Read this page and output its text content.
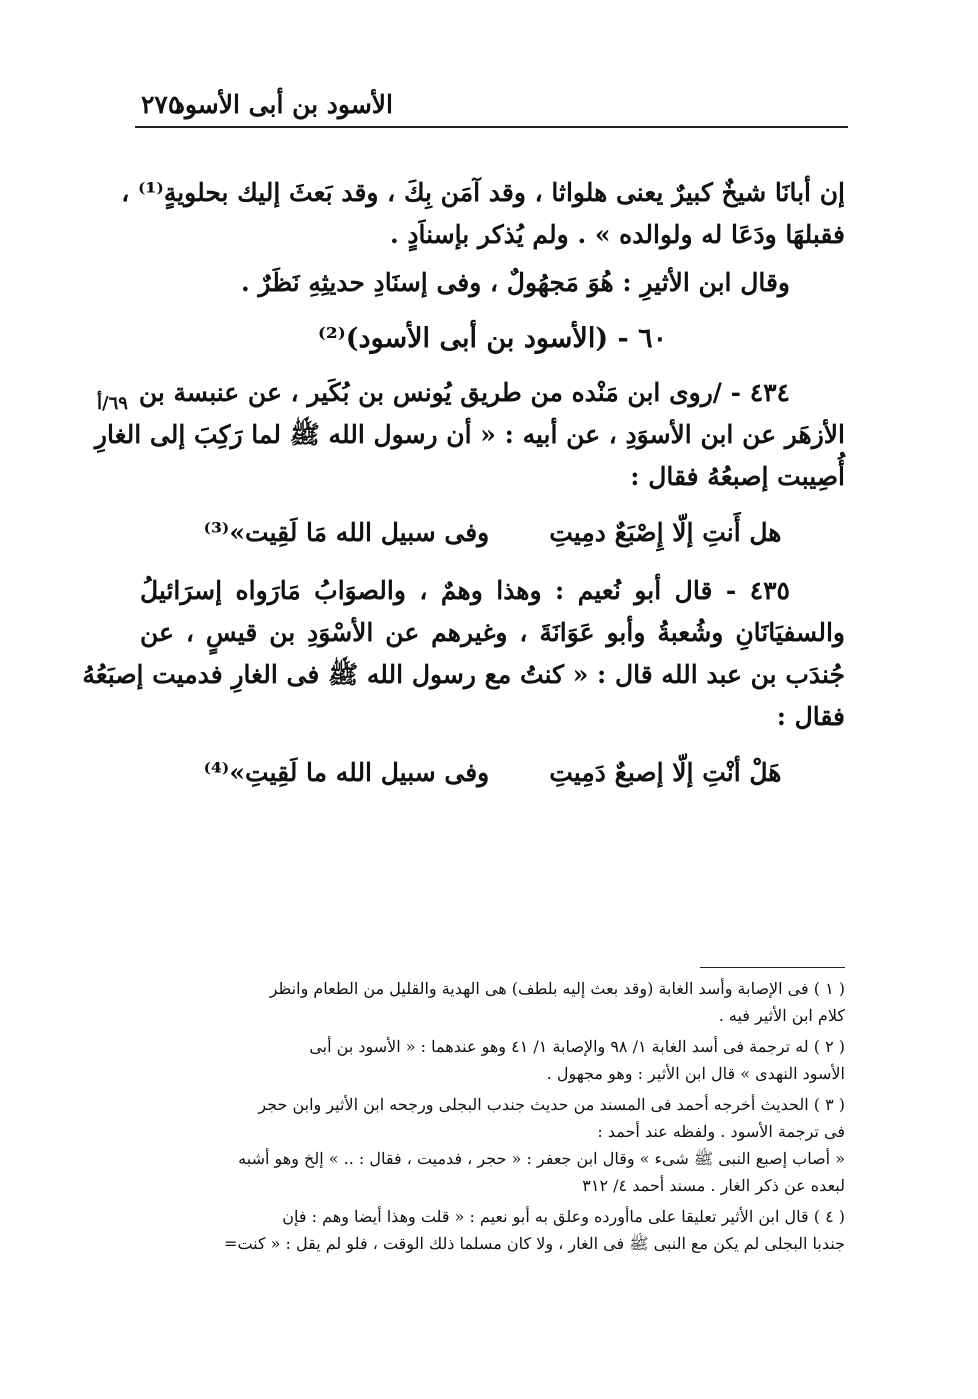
الأسود بن أبى الأسود
٢٧٥
٦٩/أ
إن أبانَا شيخٌ كبيرٌ يعنى هلواثا ، وقد آمَن بِكَ ، وقد بَعثَ إليك بحلويةٍ⁽¹⁾ ،
فقبلهَا ودَعَا له ولوالده » . ولم يُذكر بإسناَدٍ .
وقال ابن الأثيرِ : هُوَ مَجهُولٌ ، وفى إسنَادِ حديثِهِ نَظَرٌ .
٦٠ - (الأسود بن أبى الأسود)⁽²⁾
٤٣٤ - /روى ابن مَنْده من طريق يُونس بن بُكَير ، عن عنبسة بن
الأزهَر عن ابن الأسوَدِ ، عن أبيه : « أن رسول الله ﷺ لما رَكِبَ إلى الغارِ
أُصِيبت إصبعُهُ فقال :
هل أَنتِ إلّا إِصْبَعٌ دمِيتِ
وفى سبيل الله مَا لَقِيت»⁽³⁾
٤٣٥ - قال أبو نُعيم : وهذا وهمٌ ، والصوَابُ مَارَواه إسرَائيلُ
والسفيَانَانِ وشُعبةُ وأبو عَوَانَةَ ، وغيرهم عن الأسْوَدِ بن قيسٍ ، عن
جُندَب بن عبد الله قال : « كنتُ مع رسول الله ﷺ فى الغارِ فدميت إصبَعُهُ
فقال :
هَلْ أنْتِ إلّا إصبعٌ دَمِيتِ
وفى سبيل الله ما لَقِيتِ»⁽⁴⁾
( ١ ) فى الإصابة وأسد الغابة (وقد بعث إليه بلطف) هى الهدية والقليل من الطعام وانظر
كلام ابن الأثير فيه .
( ٢ ) له ترجمة فى أسد الغابة ١/ ٩٨ والإصابة ١/ ٤١ وهو عندهما : « الأسود بن أبى
الأسود النهدى » قال ابن الأثير : وهو مجهول .
( ٣ ) الحديث أخرجه أحمد فى المسند من حديث جندب البجلى ورجحه ابن الأثير وابن حجر
فى ترجمة الأسود . ولفظه عند أحمد :
« أصاب إصبع النبى ﷺ شىء » وقال ابن جعفر : « حجر ، فدميت ، فقال : .. » إلخ وهو أشبه
لبعده عن ذكر الغار . مسند أحمد ٤/ ٣١٢
( ٤ ) قال ابن الأثير تعليقا على ماأورده وعلق به أبو نعيم : « قلت وهذا أيضا وهم : فإن
جندبا البجلى لم يكن مع النبى ﷺ فى الغار ، ولا كان مسلما ذلك الوقت ، فلو لم يقل : « كنت=
